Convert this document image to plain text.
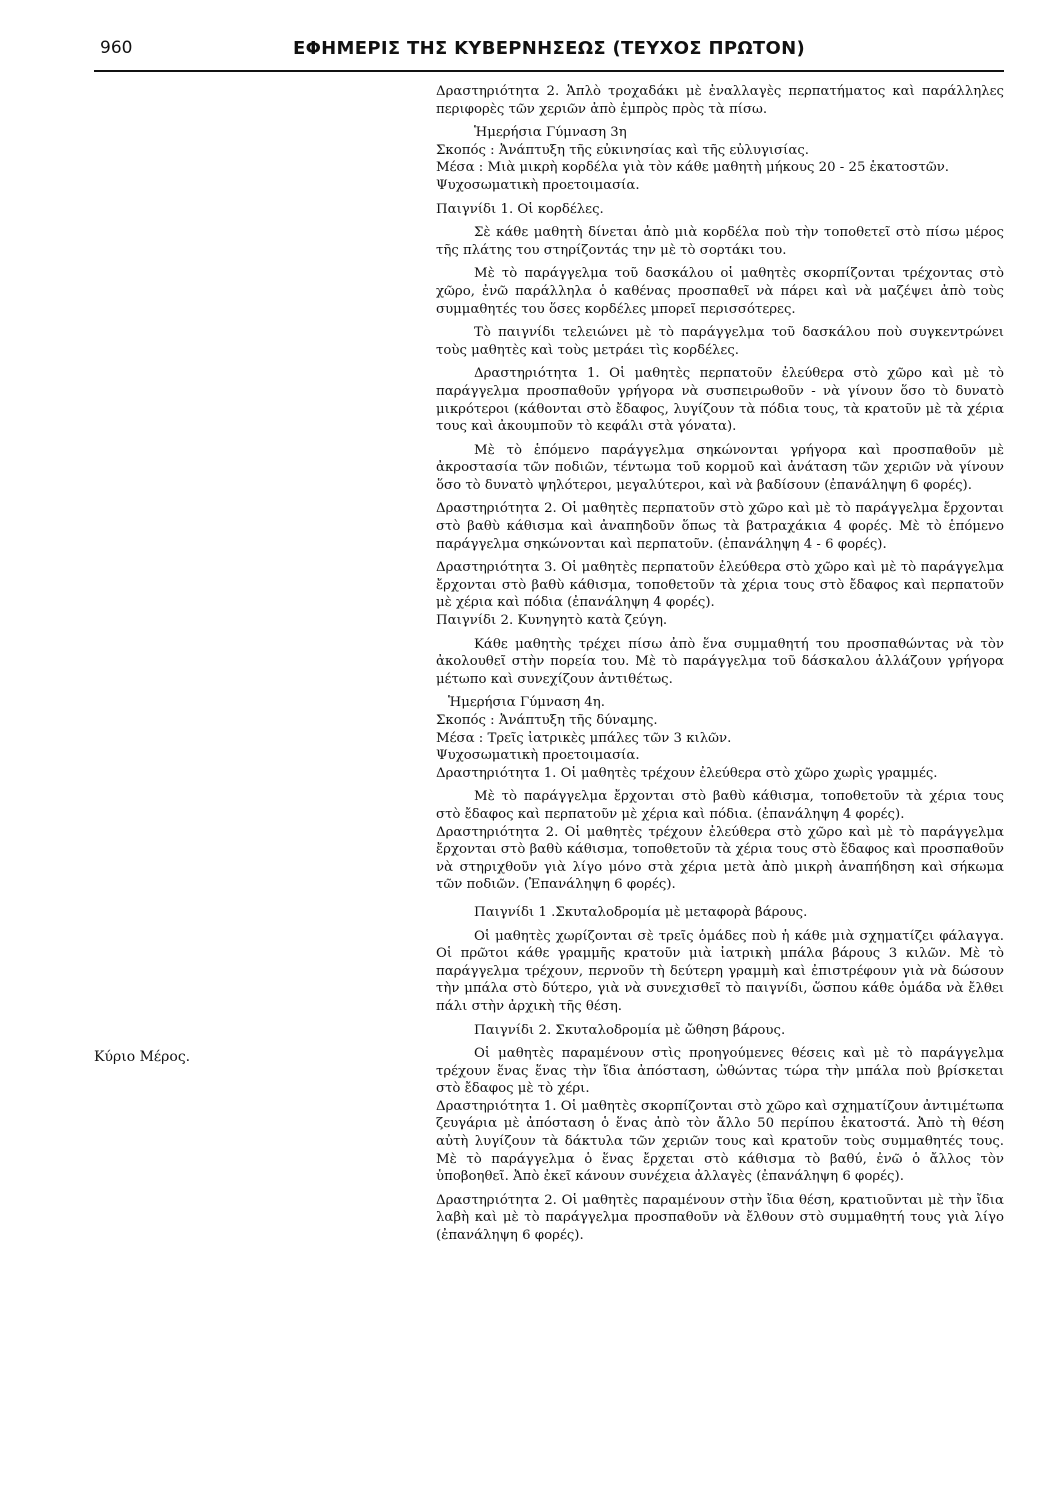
960	ΕΦΗΜΕΡΙΣ ΤΗΣ ΚΥΒΕΡΝΗΣΕΩΣ (ΤΕΥΧΟΣ ΠΡΩΤΟΝ)
Κύριο Μέρος.

Δραστηριότητα 2. Ἁπλὸ τροχαδάκι μὲ ἐναλλαγὲς περπατήματος καὶ παράλληλες περιφορὲς τῶν χεριῶν ἀπὸ ἐμπρὸς πρὸς τὰ πίσω.

Ἡμερήσια Γύμναση 3η

Σκοπός : Ἀνάπτυξη τῆς εὐκινησίας καὶ τῆς εὐλυγισίας.

Μέσα : Μιὰ μικρὴ κορδέλα γιὰ τὸν κάθε μαθητὴ μήκους 20 - 25 ἑκατοστῶν.

Ψυχοσωματικὴ προετοιμασία.

Παιγνίδι 1. Οἱ κορδέλες.

Σὲ κάθε μαθητὴ δίνεται ἀπὸ μιὰ κορδέλα ποὺ τὴν τοποθετεῖ στὸ πίσω μέρος τῆς πλάτης του στηρίζοντάς την μὲ τὸ σορτάκι του.

Μὲ τὸ παράγγελμα τοῦ δασκάλου οἱ μαθητὲς σκορπίζονται τρέχοντας στὸ χῶρο, ἐνῶ παράλληλα ὁ καθένας προσπαθεῖ νὰ πάρει καὶ νὰ μαζέψει ἀπὸ τοὺς συμμαθητές του ὅσες κορδέλες μπορεῖ περισσότερες.

Τὸ παιγνίδι τελειώνει μὲ τὸ παράγγελμα τοῦ δασκάλου ποὺ συγκεντρώνει τοὺς μαθητὲς καὶ τοὺς μετράει τὶς κορδέλες.

Δραστηριότητα 1. Οἱ μαθητὲς περπατοῦν ἐλεύθερα στὸ χῶρο καὶ μὲ τὸ παράγγελμα προσπαθοῦν γρήγορα νὰ συσπειρωθοῦν - νὰ γίνουν ὅσο τὸ δυνατὸ μικρότεροι (κάθονται στὸ ἔδαφος, λυγίζουν τὰ πόδια τους, τὰ κρατοῦν μὲ τὰ χέρια τους καὶ ἀκουμποῦν τὸ κεφάλι στὰ γόνατα).

Μὲ τὸ ἑπόμενο παράγγελμα σηκώνονται γρήγορα καὶ προσπαθοῦν μὲ ἀκροστασία τῶν ποδιῶν, τέντωμα τοῦ κορμοῦ καὶ ἀνάταση τῶν χεριῶν νὰ γίνουν ὅσο τὸ δυνατὸ ψηλότεροι, μεγαλύτεροι, καὶ νὰ βαδίσουν (ἐπανάληψη 6 φορές).

Δραστηριότητα 2. Οἱ μαθητὲς περπατοῦν στὸ χῶρο καὶ μὲ τὸ παράγγελμα ἔρχονται στὸ βαθὺ κάθισμα καὶ ἀναπηδοῦν ὅπως τὰ βατραχάκια 4 φορές. Μὲ τὸ ἑπόμενο παράγγελμα σηκώνονται καὶ περπατοῦν. (ἐπανάληψη 4 - 6 φορές).

Δραστηριότητα 3. Οἱ μαθητὲς περπατοῦν ἐλεύθερα στὸ χῶρο καὶ μὲ τὸ παράγγελμα ἔρχονται στὸ βαθὺ κάθισμα, τοποθετοῦν τὰ χέρια τους στὸ ἔδαφος καὶ περπατοῦν μὲ χέρια καὶ πόδια (ἐπανάληψη 4 φορές).

Παιγνίδι 2. Κυνηγητὸ κατὰ ζεύγη.

Κάθε μαθητὴς τρέχει πίσω ἀπὸ ἕνα συμμαθητή του προσπαθώντας νὰ τὸν ἀκολουθεῖ στὴν πορεία του. Μὲ τὸ παράγγελμα τοῦ δάσκαλου ἀλλάζουν γρήγορα μέτωπο καὶ συνεχίζουν ἀντιθέτως.

Ἡμερήσια Γύμναση 4η.

Σκοπός : Ἀνάπτυξη τῆς δύναμης.

Μέσα : Τρεῖς ἰατρικὲς μπάλες τῶν 3 κιλῶν.

Ψυχοσωματικὴ προετοιμασία.

Δραστηριότητα 1. Οἱ μαθητὲς τρέχουν ἐλεύθερα στὸ χῶρο χωρὶς γραμμές.

Μὲ τὸ παράγγελμα ἔρχονται στὸ βαθὺ κάθισμα, τοποθετοῦν τὰ χέρια τους στὸ ἔδαφος καὶ περπατοῦν μὲ χέρια καὶ πόδια. (ἐπανάληψη 4 φορές).

Δραστηριότητα 2. Οἱ μαθητὲς τρέχουν ἐλεύθερα στὸ χῶρο καὶ μὲ τὸ παράγγελμα ἔρχονται στὸ βαθὺ κάθισμα, τοποθετοῦν τὰ χέρια τους στὸ ἔδαφος καὶ προσπαθοῦν νὰ στηριχθοῦν γιὰ λίγο μόνο στὰ χέρια μετὰ ἀπὸ μικρὴ ἀναπήδηση καὶ σήκωμα τῶν ποδιῶν. (Ἐπανάληψη 6 φορές).

Παιγνίδι 1 .Σκυταλοδρομία μὲ μεταφορὰ βάρους.

Οἱ μαθητὲς χωρίζονται σὲ τρεῖς ὁμάδες ποὺ ἡ κάθε μιὰ σχηματίζει φάλαγγα. Οἱ πρῶτοι κάθε γραμμῆς κρατοῦν μιὰ ἰατρικὴ μπάλα βάρους 3 κιλῶν. Μὲ τὸ παράγγελμα τρέχουν, περνοῦν τὴ δεύτερη γραμμὴ καὶ ἐπιστρέφουν γιὰ νὰ δώσουν τὴν μπάλα στὸ δύτερο, γιὰ νὰ συνεχισθεῖ τὸ παιγνίδι, ὥσπου κάθε ὁμάδα νὰ ἔλθει πάλι στὴν ἀρχικὴ τῆς θέση.

Παιγνίδι 2. Σκυταλοδρομία μὲ ὤθηση βάρους.

Οἱ μαθητὲς παραμένουν στὶς προηγούμενες θέσεις καὶ μὲ τὸ παράγγελμα τρέχουν ἕνας ἕνας τὴν ἴδια ἀπόσταση, ὠθώντας τώρα τὴν μπάλα ποὺ βρίσκεται στὸ ἔδαφος μὲ τὸ χέρι.

Δραστηριότητα 1. Οἱ μαθητὲς σκορπίζονται στὸ χῶρο καὶ σχηματίζουν ἀντιμέτωπα ζευγάρια μὲ ἀπόσταση ὁ ἕνας ἀπὸ τὸν ἄλλο 50 περίπου ἑκατοστά. Ἀπὸ τὴ θέση αὐτὴ λυγίζουν τὰ δάκτυλα τῶν χεριῶν τους καὶ κρατοῦν τοὺς συμμαθητές τους. Μὲ τὸ παράγγελμα ὁ ἕνας ἔρχεται στὸ κάθισμα τὸ βαθύ, ἐνῶ ὁ ἄλλος τὸν ὑποβοηθεῖ. Ἀπὸ ἐκεῖ κάνουν συνέχεια ἀλλαγὲς (ἐπανάληψη 6 φορές).

Δραστηριότητα 2. Οἱ μαθητὲς παραμένουν στὴν ἴδια θέση, κρατιοῦνται μὲ τὴν ἴδια λαβὴ καὶ μὲ τὸ παράγγελμα προσπαθοῦν νὰ ἔλθουν στὸ συμμαθητή τους γιὰ λίγο (ἐπανάληψη 6 φορές).
